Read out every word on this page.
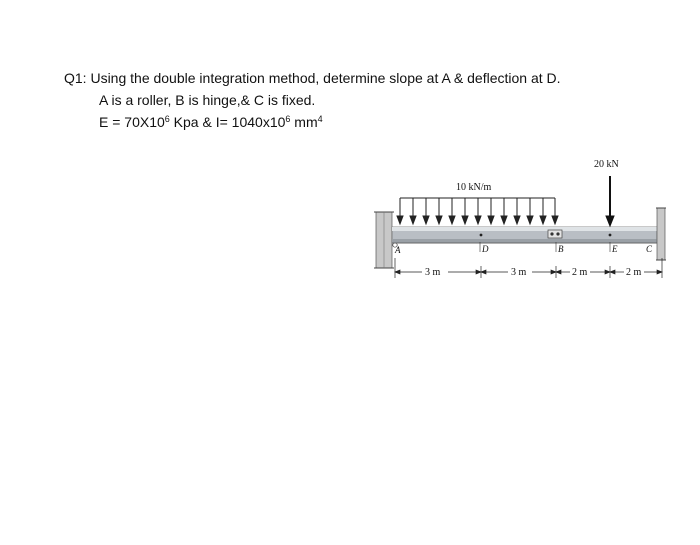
Q1: Using the double integration method, determine slope at A & deflection at D.
A is a roller, B is hinge,& C is fixed.
$E = 70X10^6$ Kpa & $I= 1040x10^6$ $mm^4$
10 kN/m
20 kN
A	D	B	E	C
3 m	3 m	2 m	2 m
